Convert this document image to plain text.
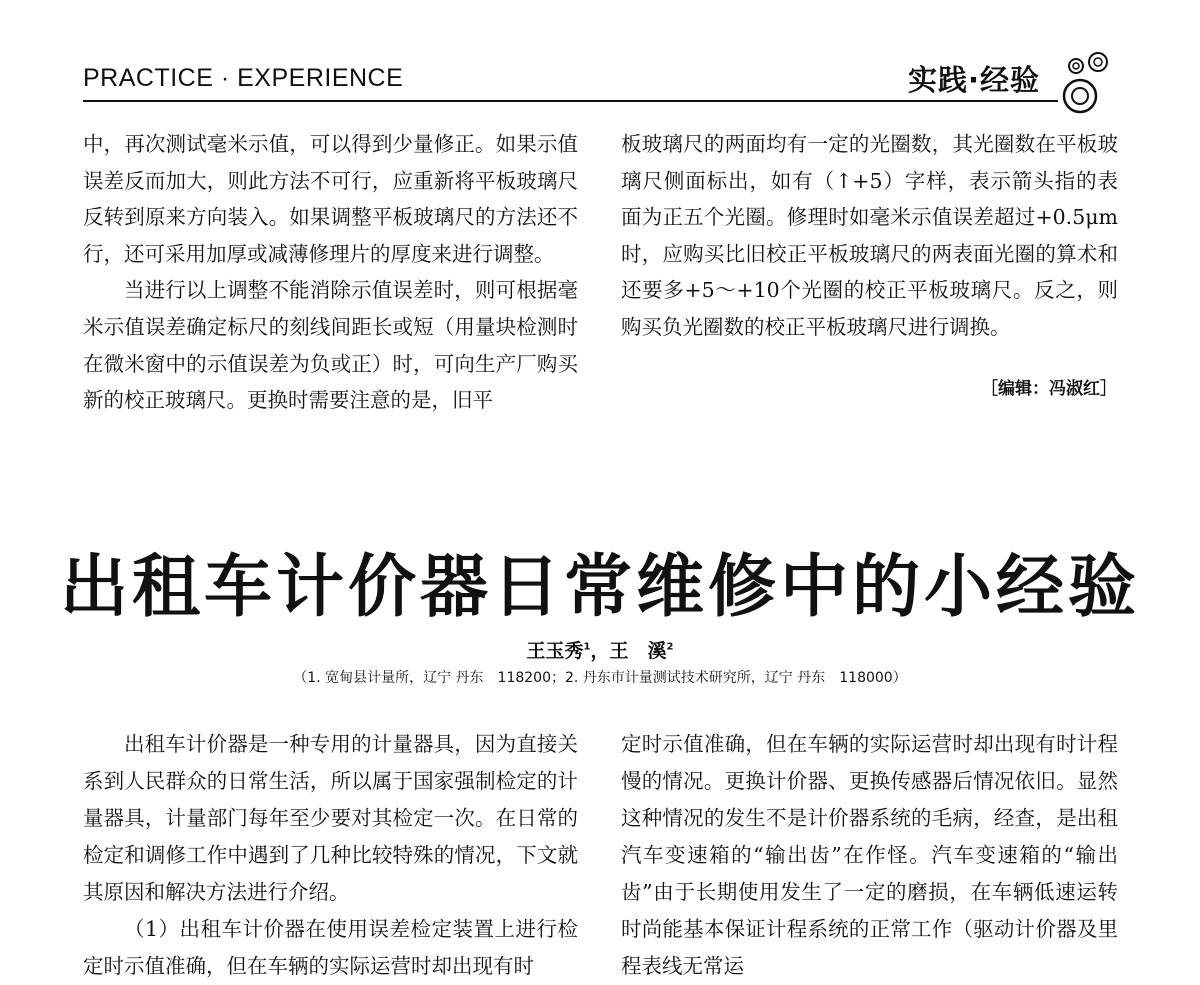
PRACTICE · EXPERIENCE	实践·经验

中，再次测试毫米示值，可以得到少量修正。如果示值误差反而加大，则此方法不可行，应重新将平板玻璃尺反转到原来方向装入。如果调整平板玻璃尺的方法还不行，还可采用加厚或减薄修理片的厚度来进行调整。

当进行以上调整不能消除示值误差时，则可根据毫米示值误差确定标尺的刻线间距长或短（用量块检测时在微米窗中的示值误差为负或正）时，可向生产厂购买新的校正玻璃尺。更换时需要注意的是，旧平

板玻璃尺的两面均有一定的光圈数，其光圈数在平板玻璃尺侧面标出，如有（↑+5）字样，表示箭头指的表面为正五个光圈。修理时如毫米示值误差超过+0.5μm时，应购买比旧校正平板玻璃尺的两表面光圈的算术和还要多+5～+10个光圈的校正平板玻璃尺。反之，则购买负光圈数的校正平板玻璃尺进行调换。

［编辑：冯淑红］
出租车计价器日常维修中的小经验
王玉秀$^1$，王　溪$^2$
（1. 宽甸县计量所，辽宁 丹东　118200；2. 丹东市计量测试技术研究所，辽宁 丹东　118000）

出租车计价器是一种专用的计量器具，因为直接关系到人民群众的日常生活，所以属于国家强制检定的计量器具，计量部门每年至少要对其检定一次。在日常的检定和调修工作中遇到了几种比较特殊的情况，下文就其原因和解决方法进行介绍。

（1）出租车计价器在使用误差检定装置上进行检定时示值准确，但在车辆的实际运营时却出现有时

定时示值准确，但在车辆的实际运营时却出现有时计程慢的情况。更换计价器、更换传感器后情况依旧。显然这种情况的发生不是计价器系统的毛病，经查，是出租汽车变速箱的“输出齿”在作怪。汽车变速箱的“输出齿”由于长期使用发生了一定的磨损，在车辆低速运转时尚能基本保证计程系统的正常工作（驱动计价器及里程表线无常运
